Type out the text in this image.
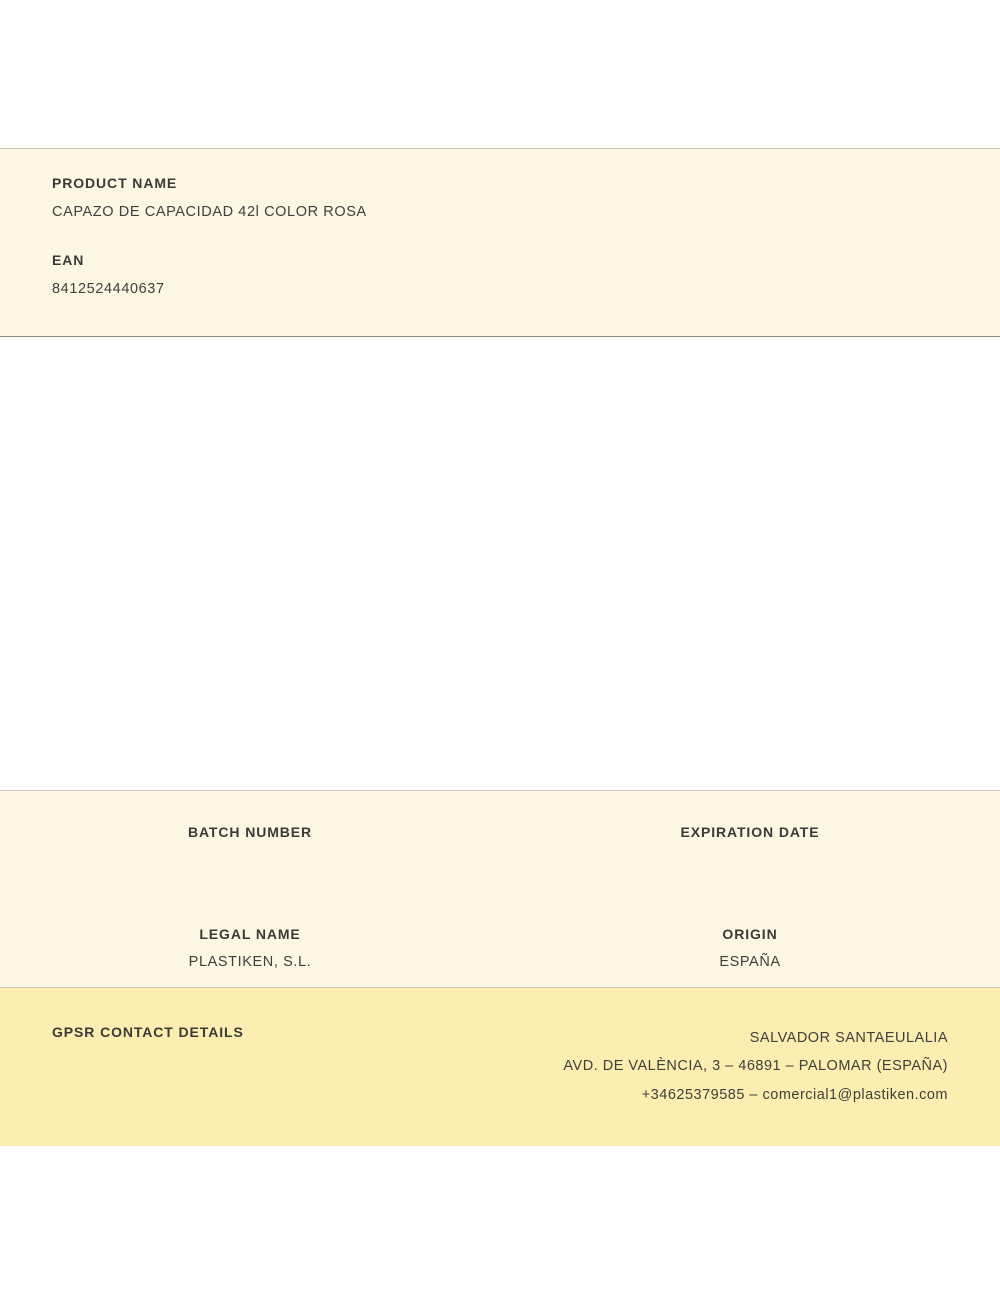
PRODUCT NAME
CAPAZO DE CAPACIDAD 42l COLOR ROSA
EAN
8412524440637
BATCH NUMBER	EXPIRATION DATE
LEGAL NAME
PLASTIKEN, S.L.
ORIGIN
ESPAÑA
GPSR CONTACT DETAILS	SALVADOR SANTAEULALIA
AVD. DE VALÈNCIA, 3 – 46891 – PALOMAR (ESPAÑA)
+34625379585 – comercial1@plastiken.com
